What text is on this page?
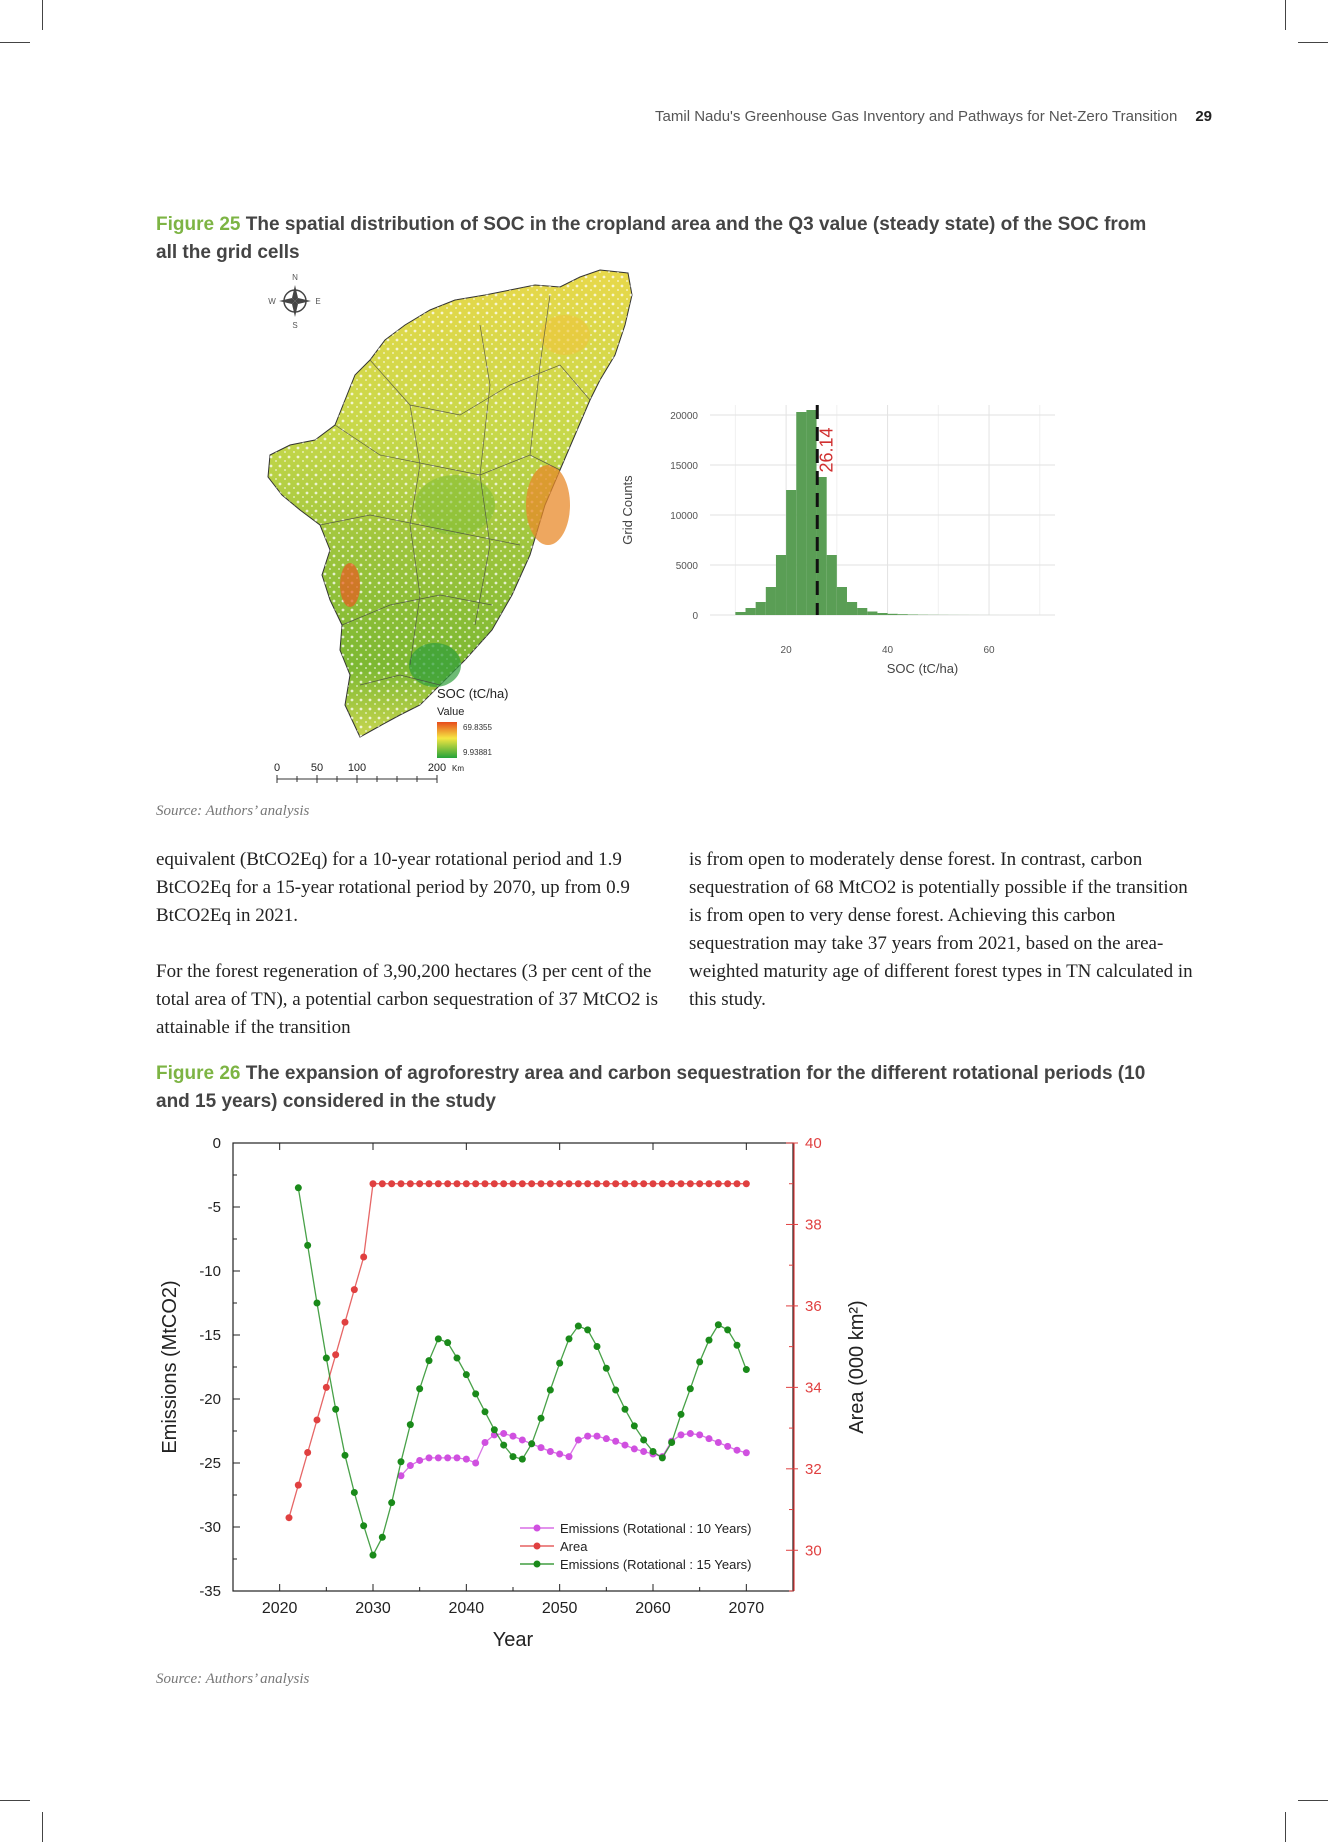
Tamil Nadu's Greenhouse Gas Inventory and Pathways for Net-Zero Transition 29
Figure 25 The spatial distribution of SOC in the cropland area and the Q3 value (steady state) of the SOC from all the grid cells
N
E
S
W
SOC (tC/ha)
Value
69.8355
9.93881
0	50 100	200 Km
0
5000
10000
15000
20000
20	40	60
26.14
SOC (tC/ha)
Grid Counts
Source: Authors’ analysis

equivalent (BtCO2Eq) for a 10-year rotational period and 1.9 BtCO2Eq for a 15-year rotational period by 2070, up from 0.9 BtCO2Eq in 2021.

For the forest regeneration of 3,90,200 hectares (3 per cent of the total area of TN), a potential carbon sequestration of 37 MtCO2 is attainable if the transition

is from open to moderately dense forest. In contrast, carbon sequestration of 68 MtCO2 is potentially possible if the transition is from open to very dense forest. Achieving this carbon sequestration may take 37 years from 2021, based on the area-weighted maturity age of different forest types in TN calculated in this study.

Figure 26 The expansion of agroforestry area and carbon sequestration for the different rotational periods (10 and 15 years) considered in the study
2020	2030	2040	2050	2060	2070
0
-5
-10
-15
-20
-25
-30
-35
30
32
34
36
38
40
Year
Emissions (MtCO2)	Area (000 km²)
Emissions (Rotational : 10 Years)
Area
Emissions (Rotational : 15 Years)
Source: Authors’ analysis
